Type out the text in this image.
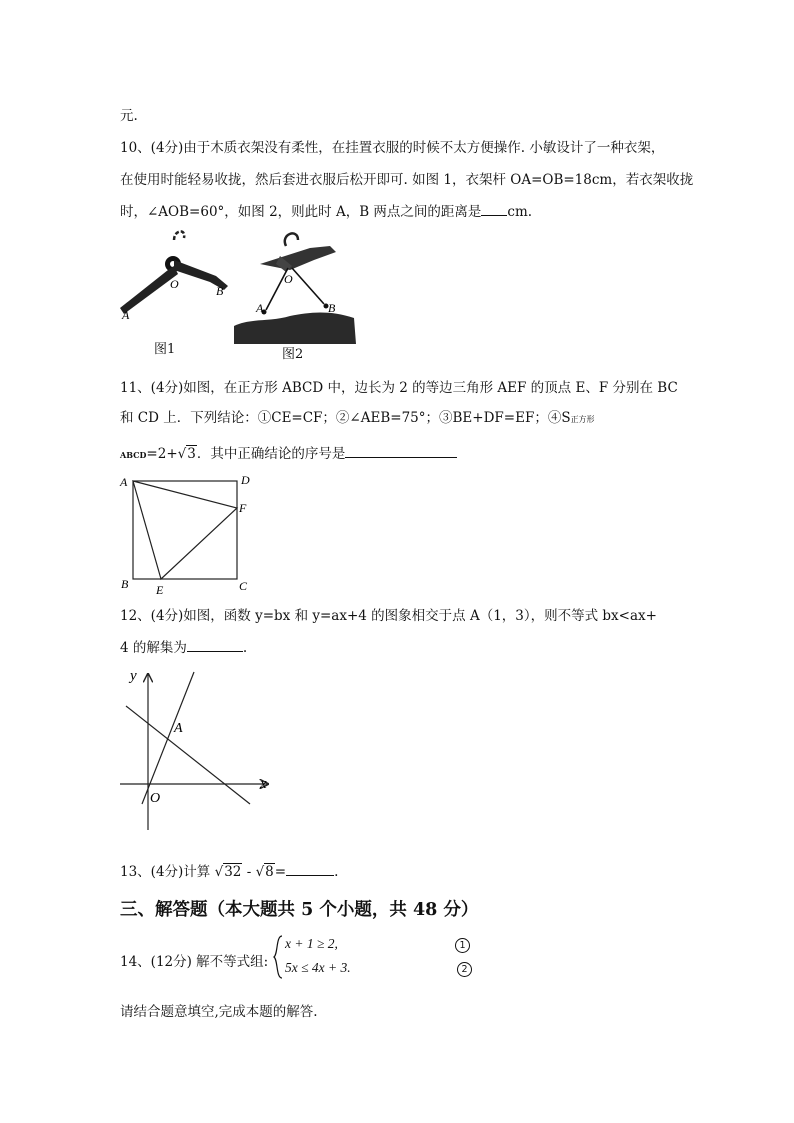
元.
10、(4分)由于木质衣架没有柔性，在挂置衣服的时候不太方便操作. 小敏设计了一种衣架，
在使用时能轻易收拢，然后套进衣服后松开即可. 如图 1，衣架杆 OA=OB=18cm，若衣架收拢
时，∠AOB=60°，如图 2，则此时 A，B 两点之间的距离是 cm.
O	B
A
图1
O
A	B
图2
11、(4分)如图，在正方形 ABCD 中，边长为 2 的等边三角形 AEF 的顶点 E、F 分别在 BC
和 CD 上．下列结论：①CE=CF；②∠AEB=75°；③BE+DF=EF；④S正方形
ABCD=2+√3．其中正确结论的序号是
A	D
F
B E	C
12、(4分)如图，函数 y=bx 和 y=ax+4 的图象相交于点 A（1，3），则不等式 bx<ax+
4 的解集为	.
y
x
O
A
13、(4分)计算 √32 - √8=	.
三、解答题（本大题共 5 个小题，共 48 分）
14、(12分) 解不等式组:
x + 1 ≥ 2,
5x ≤ 4x + 3.
1
2
请结合题意填空,完成本题的解答.
